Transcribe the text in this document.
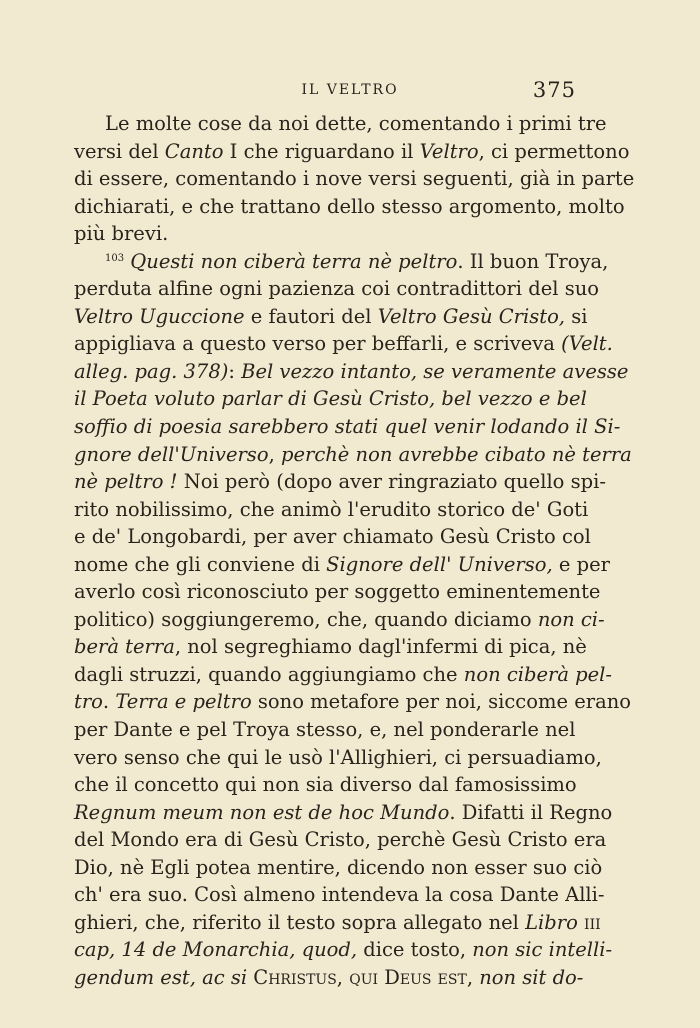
IL VELTRO	375
Le molte cose da noi dette, comentando i primi tre
versi del Canto I che riguardano il Veltro, ci permettono
di essere, comentando i nove versi seguenti, già in parte
dichiarati, e che trattano dello stesso argomento, molto
più brevi.
$^{103}$ Questi non ciberà terra nè peltro. Il buon Troya,
perduta alfine ogni pazienza coi contradittori del suo
Veltro Uguccione e fautori del Veltro Gesù Cristo, si
appigliava a questo verso per beffarli, e scriveva (Velt.
alleg. pag. 378): Bel vezzo intanto, se veramente avesse
il Poeta voluto parlar di Gesù Cristo, bel vezzo e bel
soffio di poesia sarebbero stati quel venir lodando il Si-
gnore dell'Universo, perchè non avrebbe cibato nè terra
nè peltro ! Noi però (dopo aver ringraziato quello spi-
rito nobilissimo, che animò l'erudito storico de' Goti
e de' Longobardi, per aver chiamato Gesù Cristo col
nome che gli conviene di Signore dell' Universo, e per
averlo così riconosciuto per soggetto eminentemente
politico) soggiungeremo, che, quando diciamo non ci-
berà terra, nol segreghiamo dagl'infermi di pica, nè
dagli struzzi, quando aggiungiamo che non ciberà pel-
tro. Terra e peltro sono metafore per noi, siccome erano
per Dante e pel Troya stesso, e, nel ponderarle nel
vero senso che qui le usò l'Allighieri, ci persuadiamo,
che il concetto qui non sia diverso dal famosissimo
Regnum meum non est de hoc Mundo. Difatti il Regno
del Mondo era di Gesù Cristo, perchè Gesù Cristo era
Dio, nè Egli potea mentire, dicendo non esser suo ciò
ch' era suo. Così almeno intendeva la cosa Dante Alli-
ghieri, che, riferito il testo sopra allegato nel Libro iii
cap, 14 de Monarchia, quod, dice tosto, non sic intelli-
gendum est, ac si Christus, qui Deus est, non sit do-
